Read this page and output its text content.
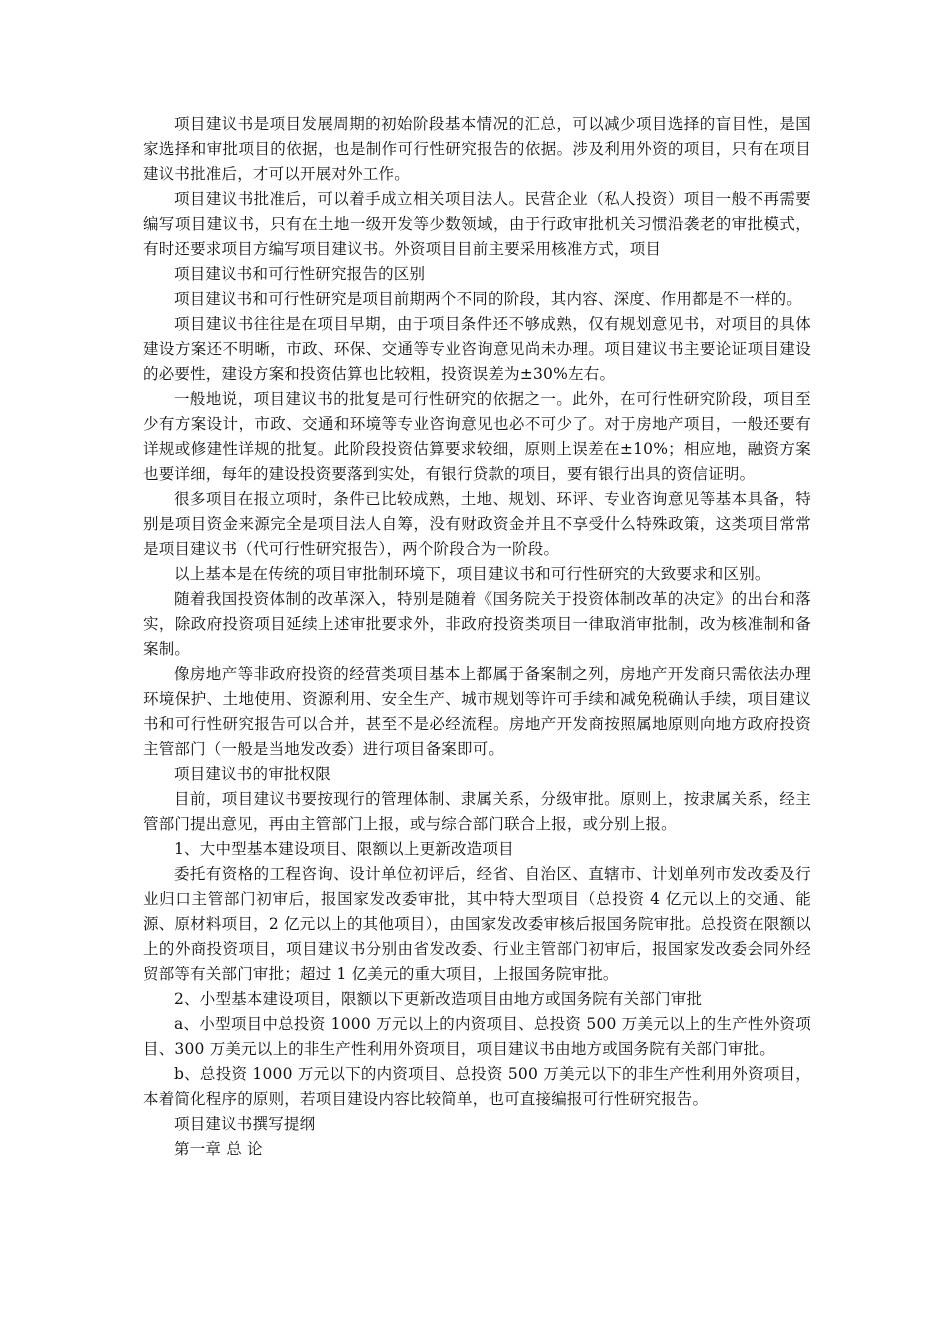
项目建议书是项目发展周期的初始阶段基本情况的汇总，可以减少项目选择的盲目性，是国家选择和审批项目的依据，也是制作可行性研究报告的依据。涉及利用外资的项目，只有在项目建议书批准后，才可以开展对外工作。

项目建议书批准后，可以着手成立相关项目法人。民营企业（私人投资）项目一般不再需要编写项目建议书，只有在土地一级开发等少数领域，由于行政审批机关习惯沿袭老的审批模式，有时还要求项目方编写项目建议书。外资项目目前主要采用核准方式，项目

项目建议书和可行性研究报告的区别

项目建议书和可行性研究是项目前期两个不同的阶段，其内容、深度、作用都是不一样的。

项目建议书往往是在项目早期，由于项目条件还不够成熟，仅有规划意见书，对项目的具体建设方案还不明晰，市政、环保、交通等专业咨询意见尚未办理。项目建议书主要论证项目建设的必要性，建设方案和投资估算也比较粗，投资误差为±30%左右。

一般地说，项目建议书的批复是可行性研究的依据之一。此外，在可行性研究阶段，项目至少有方案设计，市政、交通和环境等专业咨询意见也必不可少了。对于房地产项目，一般还要有详规或修建性详规的批复。此阶段投资估算要求较细，原则上误差在±10%；相应地，融资方案也要详细，每年的建设投资要落到实处，有银行贷款的项目，要有银行出具的资信证明。

很多项目在报立项时，条件已比较成熟，土地、规划、环评、专业咨询意见等基本具备，特别是项目资金来源完全是项目法人自筹，没有财政资金并且不享受什么特殊政策，这类项目常常是项目建议书（代可行性研究报告），两个阶段合为一阶段。

以上基本是在传统的项目审批制环境下，项目建议书和可行性研究的大致要求和区别。

随着我国投资体制的改革深入，特别是随着《国务院关于投资体制改革的决定》的出台和落实，除政府投资项目延续上述审批要求外，非政府投资类项目一律取消审批制，改为核准制和备案制。

像房地产等非政府投资的经营类项目基本上都属于备案制之列，房地产开发商只需依法办理环境保护、土地使用、资源利用、安全生产、城市规划等许可手续和减免税确认手续，项目建议书和可行性研究报告可以合并，甚至不是必经流程。房地产开发商按照属地原则向地方政府投资主管部门（一般是当地发改委）进行项目备案即可。

项目建议书的审批权限

目前，项目建议书要按现行的管理体制、隶属关系，分级审批。原则上，按隶属关系，经主管部门提出意见，再由主管部门上报，或与综合部门联合上报，或分别上报。

1、大中型基本建设项目、限额以上更新改造项目

委托有资格的工程咨询、设计单位初评后，经省、自治区、直辖市、计划单列市发改委及行业归口主管部门初审后，报国家发改委审批，其中特大型项目（总投资 4 亿元以上的交通、能源、原材料项目，2 亿元以上的其他项目），由国家发改委审核后报国务院审批。总投资在限额以上的外商投资项目，项目建议书分别由省发改委、行业主管部门初审后，报国家发改委会同外经贸部等有关部门审批；超过 1 亿美元的重大项目，上报国务院审批。

2、小型基本建设项目，限额以下更新改造项目由地方或国务院有关部门审批

a、小型项目中总投资 1000 万元以上的内资项目、总投资 500 万美元以上的生产性外资项目、300 万美元以上的非生产性利用外资项目，项目建议书由地方或国务院有关部门审批。

b、总投资 1000 万元以下的内资项目、总投资 500 万美元以下的非生产性利用外资项目，本着简化程序的原则，若项目建设内容比较简单，也可直接编报可行性研究报告。

项目建议书撰写提纲

第一章 总 论
